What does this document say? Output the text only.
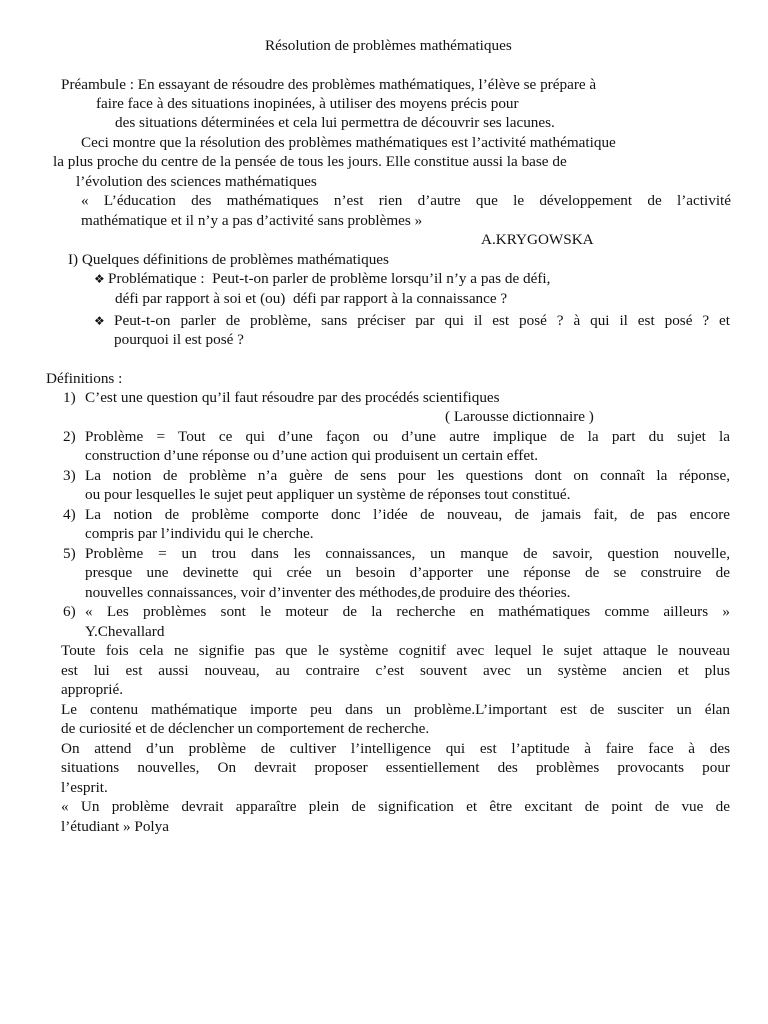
Résolution de problèmes mathématiques
Préambule : En essayant de résoudre des problèmes mathématiques, l’élève se prépare à
faire face à des situations inopinées, à utiliser des moyens précis pour
des situations déterminées et cela lui permettra de découvrir ses lacunes.
Ceci montre que la résolution des problèmes mathématiques est l’activité mathématique
la plus proche du centre de la pensée de tous les jours. Elle constitue aussi la base de
l’évolution des sciences mathématiques
« L’éducation des mathématiques n’est rien d’autre que le développement de l’activité
mathématique et il n’y a pas d’activité sans problèmes »
A.KRYGOWSKA
I) Quelques définitions de problèmes mathématiques
❖ Problématique :  Peut-t-on parler de problème lorsqu’il n’y a pas de défi,
défi par rapport à soi et (ou)  défi par rapport à la connaissance ?
❖ Peut-t-on parler de problème, sans préciser par qui il est posé ? à qui il est posé ? et
pourquoi il est posé ?
Définitions :
1) C’est une question qu’il faut résoudre par des procédés scientifiques
( Larousse dictionnaire )
2) Problème = Tout ce qui d’une façon ou d’une autre implique de la part du sujet la
construction d’une réponse ou d’une action qui produisent un certain effet.
3) La notion de problème n’a guère de sens pour les questions dont on connaît la réponse,
ou pour lesquelles le sujet peut appliquer un système de réponses tout constitué.
4) La notion de problème comporte donc l’idée de nouveau, de jamais fait, de pas encore
compris par l’individu qui le cherche.
5) Problème = un trou dans les connaissances, un manque de savoir, question nouvelle,
presque une devinette qui crée un besoin d’apporter une réponse de se construire de
nouvelles connaissances, voir d’inventer des méthodes,de produire des théories.
6) « Les problèmes sont le moteur de la recherche en mathématiques comme ailleurs »
Y.Chevallard
Toute fois cela ne signifie pas que le système cognitif avec lequel le sujet attaque le nouveau
est lui est aussi nouveau, au contraire c’est souvent avec un système ancien et plus
approprié.
Le contenu mathématique importe peu dans un problème.L’important est de susciter un élan
de curiosité et de déclencher un comportement de recherche.
On attend d’un problème de cultiver l’intelligence qui est l’aptitude à faire face à des
situations nouvelles, On devrait proposer essentiellement des problèmes provocants pour
l’esprit.
« Un problème devrait apparaître plein de signification et être excitant de point de vue de
l’étudiant » Polya
